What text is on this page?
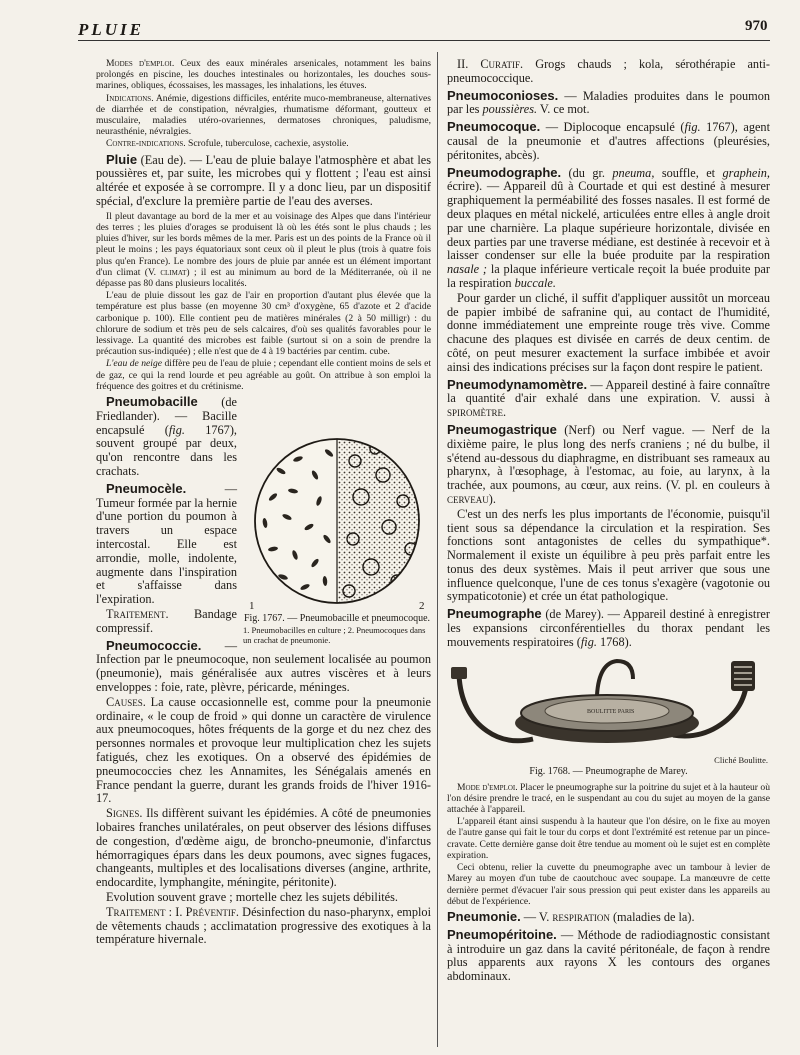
PLUIE	970

Modes d'emploi. Ceux des eaux minérales arsenicales, notamment les bains prolongés en piscine, les douches intestinales ou horizontales, les douches sous-marines, obliques, écossaises, les massages, les inhalations, les étuves.

Indications. Anémie, digestions difficiles, entérite muco-membraneuse, alternatives de diarrhée et de constipation, névralgies, rhumatisme déformant, goutteux et musculaire, maladies utéro-ovariennes, dermatoses chroniques, paludisme, neurasthénie, névralgies.

Contre-indications. Scrofule, tuberculose, cachexie, asystolie.

Pluie (Eau de). — L'eau de pluie balaye l'atmosphère et abat les poussières et, par suite, les microbes qui y flottent ; l'eau est ainsi altérée et exposée à se corrompre. Il y a donc lieu, par un dispositif spécial, d'exclure la première partie de l'eau des averses.

Il pleut davantage au bord de la mer et au voisinage des Alpes que dans l'intérieur des terres ; les pluies d'orages se produisent là où les étés sont le plus chauds ; les pluies d'hiver, sur les bords mêmes de la mer. Paris est un des points de la France où il pleut le moins ; les pays équatoriaux sont ceux où il pleut le plus (trois à quatre fois plus qu'en France). Le nombre des jours de pluie par année est un élément important d'un climat (V. climat) ; il est au minimum au bord de la Méditerranée, où il ne dépasse pas 80 dans plusieurs localités.

L'eau de pluie dissout les gaz de l'air en proportion d'autant plus élevée que la température est plus basse (en moyenne 30 cm³ d'oxygène, 65 d'azote et 2 d'acide carbonique p. 100). Elle contient peu de matières minérales (2 à 50 milligr) : du chlorure de sodium et très peu de sels calcaires, d'où ses qualités favorables pour le lessivage. La quantité des microbes est faible (surtout si on a soin de prendre la précaution sus-indiquée) ; elle n'est que de 4 à 19 bactéries par centim. cube.

L'eau de neige diffère peu de l'eau de pluie ; cependant elle contient moins de sels et de gaz, ce qui la rend lourde et peu agréable au goût. On attribue à son emploi la fréquence des goitres et du crétinisme.

1	2

Fig. 1767. — Pneumobacille et pneumocoque.

1. Pneumobacilles en culture ; 2. Pneumocoques dans un crachat de pneumonie.

Pneumobacille (de Friedlander). — Bacille encapsulé (fig. 1767), souvent groupé par deux, qu'on rencontre dans les crachats.

Pneumocèle. — Tumeur formée par la hernie d'une portion du poumon à travers un espace intercostal. Elle est arrondie, molle, indolente, augmente dans l'inspiration et s'affaisse dans l'expiration.

Traitement. Bandage compressif.

Pneumococcie. — Infection par le pneumocoque, non seulement localisée au poumon (pneumonie), mais généralisée aux autres viscères et à leurs enveloppes : foie, rate, plèvre, péricarde, méninges.

Causes. La cause occasionnelle est, comme pour la pneumonie ordinaire, « le coup de froid » qui donne un caractère de virulence aux pneumocoques, hôtes fréquents de la gorge et du nez chez des personnes normales et provoque leur multiplication chez les sujets fatigués, chez les exotiques. On a observé des épidémies de pneumococcies chez les Annamites, les Sénégalais amenés en France pendant la guerre, durant les grands froids de l'hiver 1916-17.

Signes. Ils diffèrent suivant les épidémies. A côté de pneumonies lobaires franches unilatérales, on peut observer des lésions diffuses de congestion, d'œdème aigu, de broncho-pneumonie, d'infarctus hémorragiques épars dans les deux poumons, avec signes fugaces, changeants, multiples et des localisations diverses (angine, arthrite, endocardite, lymphangite, méningite, péritonite).

Evolution souvent grave ; mortelle chez les sujets débilités.

Traitement : I. Préventif. Désinfection du naso-pharynx, emploi de vêtements chauds ; acclimatation progressive des exotiques à la température hivernale.

II. Curatif. Grogs chauds ; kola, sérothérapie anti-pneumococcique.

Pneumoconioses. — Maladies produites dans le poumon par les poussières. V. ce mot.

Pneumocoque. — Diplocoque encapsulé (fig. 1767), agent causal de la pneumonie et d'autres affections (pleurésies, péritonites, abcès).

Pneumodographe. (du gr. pneuma, souffle, et graphein, écrire). — Appareil dû à Courtade et qui est destiné à mesurer graphiquement la perméabilité des fosses nasales. Il est formé de deux plaques en métal nickelé, articulées entre elles à angle droit par une charnière. La plaque supérieure horizontale, divisée en deux parties par une traverse médiane, est destinée à recevoir et à laisser condenser sur elle la buée produite par la respiration nasale ; la plaque inférieure verticale reçoit la buée produite par la respiration buccale.

Pour garder un cliché, il suffit d'appliquer aussitôt un morceau de papier imbibé de safranine qui, au contact de l'humidité, donne immédiatement une empreinte rouge très vive. Comme chacune des plaques est divisée en carrés de deux centim. de côté, on peut mesurer exactement la surface imbibée et avoir ainsi des indications précises sur la façon dont respire le patient.

Pneumodynamomètre. — Appareil destiné à faire connaître la quantité d'air exhalé dans une expiration. V. aussi à spiromètre.

Pneumogastrique (Nerf) ou Nerf vague. — Nerf de la dixième paire, le plus long des nerfs craniens ; né du bulbe, il s'étend au-dessous du diaphragme, en distribuant ses rameaux au pharynx, à l'œsophage, à l'estomac, au foie, au larynx, à la trachée, aux poumons, au cœur, aux reins. (V. pl. en couleurs à cerveau).

C'est un des nerfs les plus importants de l'économie, puisqu'il tient sous sa dépendance la circulation et la respiration. Ses fonctions sont antagonistes de celles du sympathique*. Normalement il existe un équilibre à peu près parfait entre les tonus des deux systèmes. Mais il peut arriver que sous une influence quelconque, l'une de ces tonus s'exagère (vagotonie ou sympaticotonie) et crée un état pathologique.

Pneumographe (de Marey). — Appareil destiné à enregistrer les expansions circonférentielles du thorax pendant les mouvements respiratoires (fig. 1768).

BOULITTE PARIS

Cliché Boulitte.

Fig. 1768. — Pneumographe de Marey.

Mode d'emploi. Placer le pneumographe sur la poitrine du sujet et à la hauteur où l'on désire prendre le tracé, en le suspendant au cou du sujet au moyen de la ganse attachée à l'appareil.

L'appareil étant ainsi suspendu à la hauteur que l'on désire, on le fixe au moyen de l'autre ganse qui fait le tour du corps et dont l'extrémité est retenue par un pince-cravate. Cette dernière ganse doit être tendue au moment où le sujet est en complète expiration.

Ceci obtenu, relier la cuvette du pneumographe avec un tambour à levier de Marey au moyen d'un tube de caoutchouc avec soupape. La manœuvre de cette dernière permet d'évacuer l'air sous pression qui peut exister dans les appareils au début de l'expérience.

Pneumonie. — V. respiration (maladies de la).

Pneumopéritoine. — Méthode de radiodiagnostic consistant à introduire un gaz dans la cavité péritonéale, de façon à rendre plus apparents aux rayons X les contours des organes abdominaux.
